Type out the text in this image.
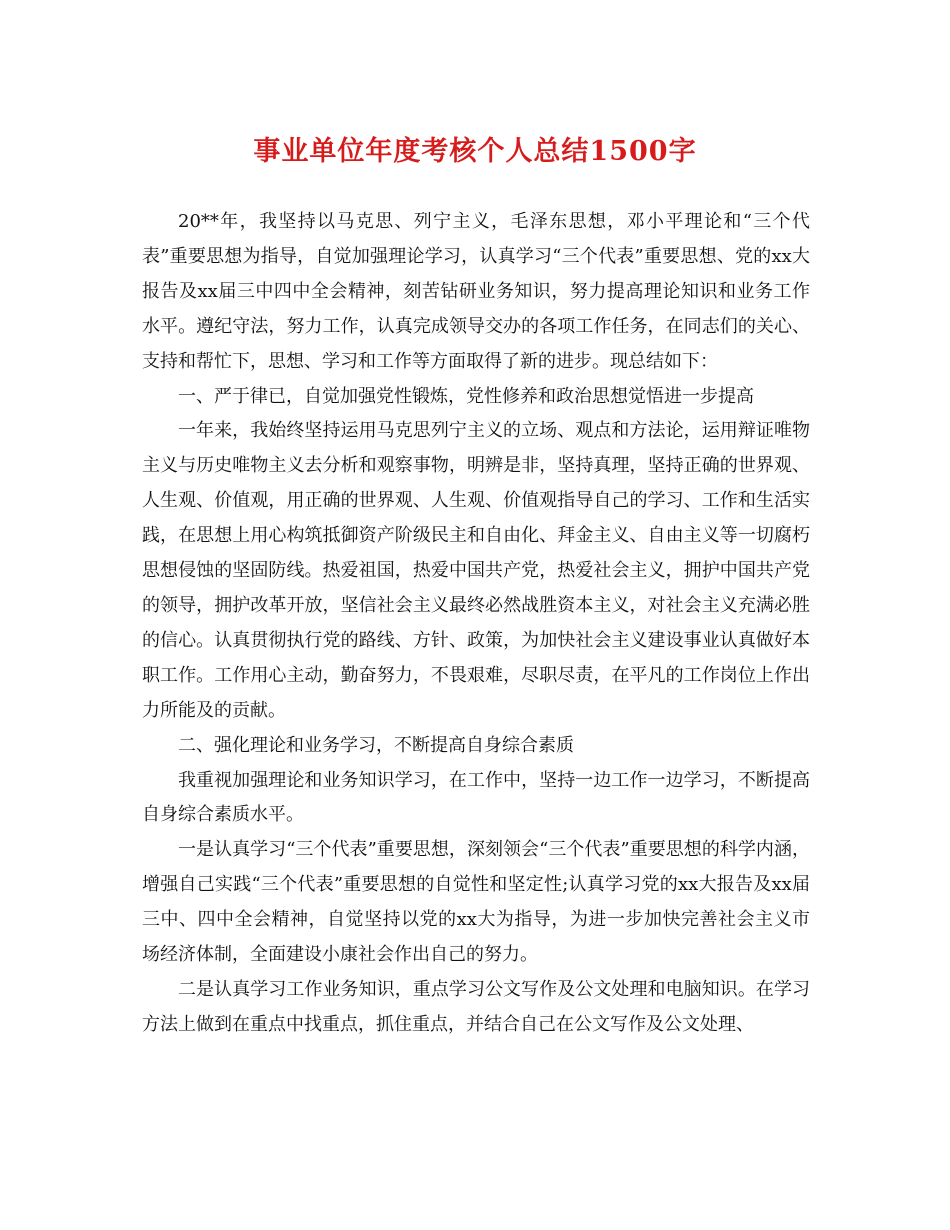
事业单位年度考核个人总结1500字

20**年，我坚持以马克思、列宁主义，毛泽东思想，邓小平理论和“三个代表”重要思想为指导，自觉加强理论学习，认真学习“三个代表”重要思想、党的xx大报告及xx届三中四中全会精神，刻苦钻研业务知识，努力提高理论知识和业务工作水平。遵纪守法，努力工作，认真完成领导交办的各项工作任务，在同志们的关心、支持和帮忙下，思想、学习和工作等方面取得了新的进步。现总结如下：

一、严于律已，自觉加强党性锻炼，党性修养和政治思想觉悟进一步提高

一年来，我始终坚持运用马克思列宁主义的立场、观点和方法论，运用辩证唯物主义与历史唯物主义去分析和观察事物，明辨是非，坚持真理，坚持正确的世界观、人生观、价值观，用正确的世界观、人生观、价值观指导自己的学习、工作和生活实践，在思想上用心构筑抵御资产阶级民主和自由化、拜金主义、自由主义等一切腐朽思想侵蚀的坚固防线。热爱祖国，热爱中国共产党，热爱社会主义，拥护中国共产党的领导，拥护改革开放，坚信社会主义最终必然战胜资本主义，对社会主义充满必胜的信心。认真贯彻执行党的路线、方针、政策，为加快社会主义建设事业认真做好本职工作。工作用心主动，勤奋努力，不畏艰难，尽职尽责，在平凡的工作岗位上作出力所能及的贡献。

二、强化理论和业务学习，不断提高自身综合素质

我重视加强理论和业务知识学习，在工作中，坚持一边工作一边学习，不断提高自身综合素质水平。

一是认真学习“三个代表”重要思想，深刻领会“三个代表”重要思想的科学内涵，增强自己实践“三个代表”重要思想的自觉性和坚定性;认真学习党的xx大报告及xx届三中、四中全会精神，自觉坚持以党的xx大为指导，为进一步加快完善社会主义市场经济体制，全面建设小康社会作出自己的努力。

二是认真学习工作业务知识，重点学习公文写作及公文处理和电脑知识。在学习方法上做到在重点中找重点，抓住重点，并结合自己在公文写作及公文处理、
